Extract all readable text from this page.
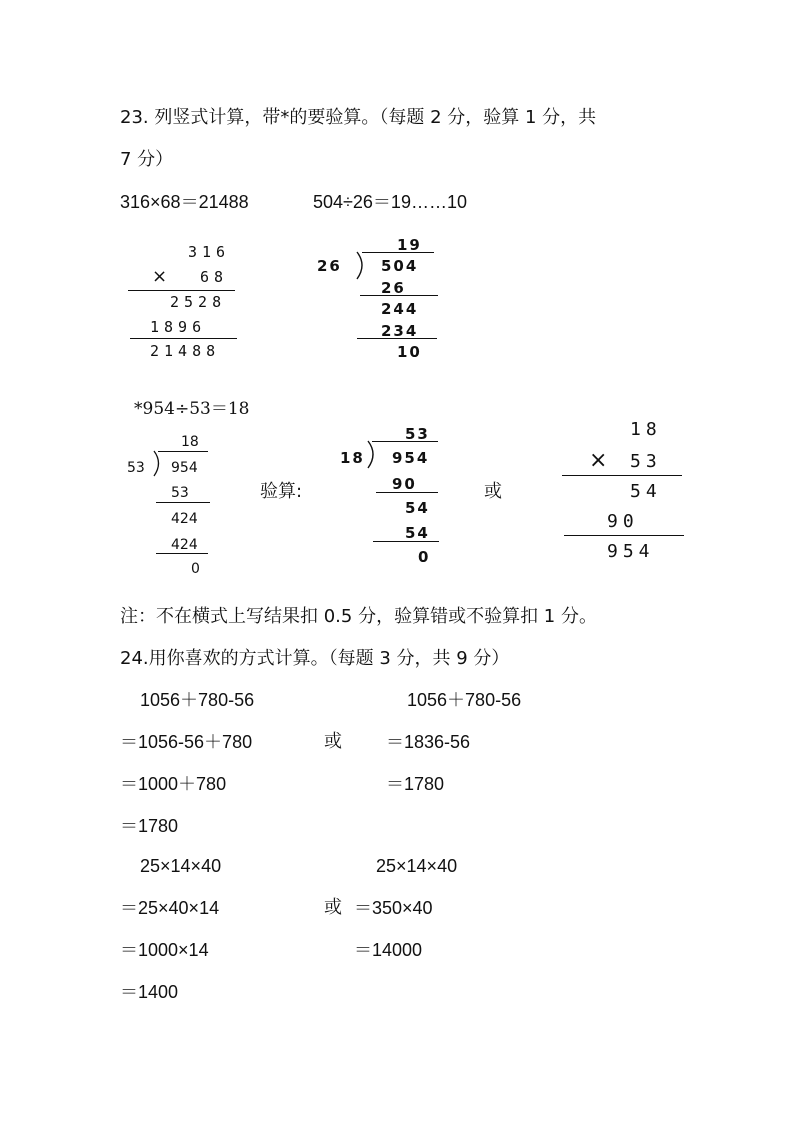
23. 列竖式计算，带*的要验算。（每题 2 分，验算 1 分，共
7 分）
316×68＝21488	504÷26＝19……10
316
× 68
2528
1896
21488
19
26	504
26
244
234
10
*954÷53＝18
18
53 954
53
424
424
0
验算:
53
18 954
90
54
54
0
或
18
× 53
54
90
954
注：不在横式上写结果扣 0.5 分，验算错或不验算扣 1 分。
24.用你喜欢的方式计算。（每题 3 分，共 9 分）
1056＋780-56
＝1056-56＋780
＝1000＋780
＝1780
或
1056＋780-56
＝1836-56
＝1780
25×14×40
＝25×40×14
＝1000×14
＝1400
或
25×14×40
＝350×40
＝14000
